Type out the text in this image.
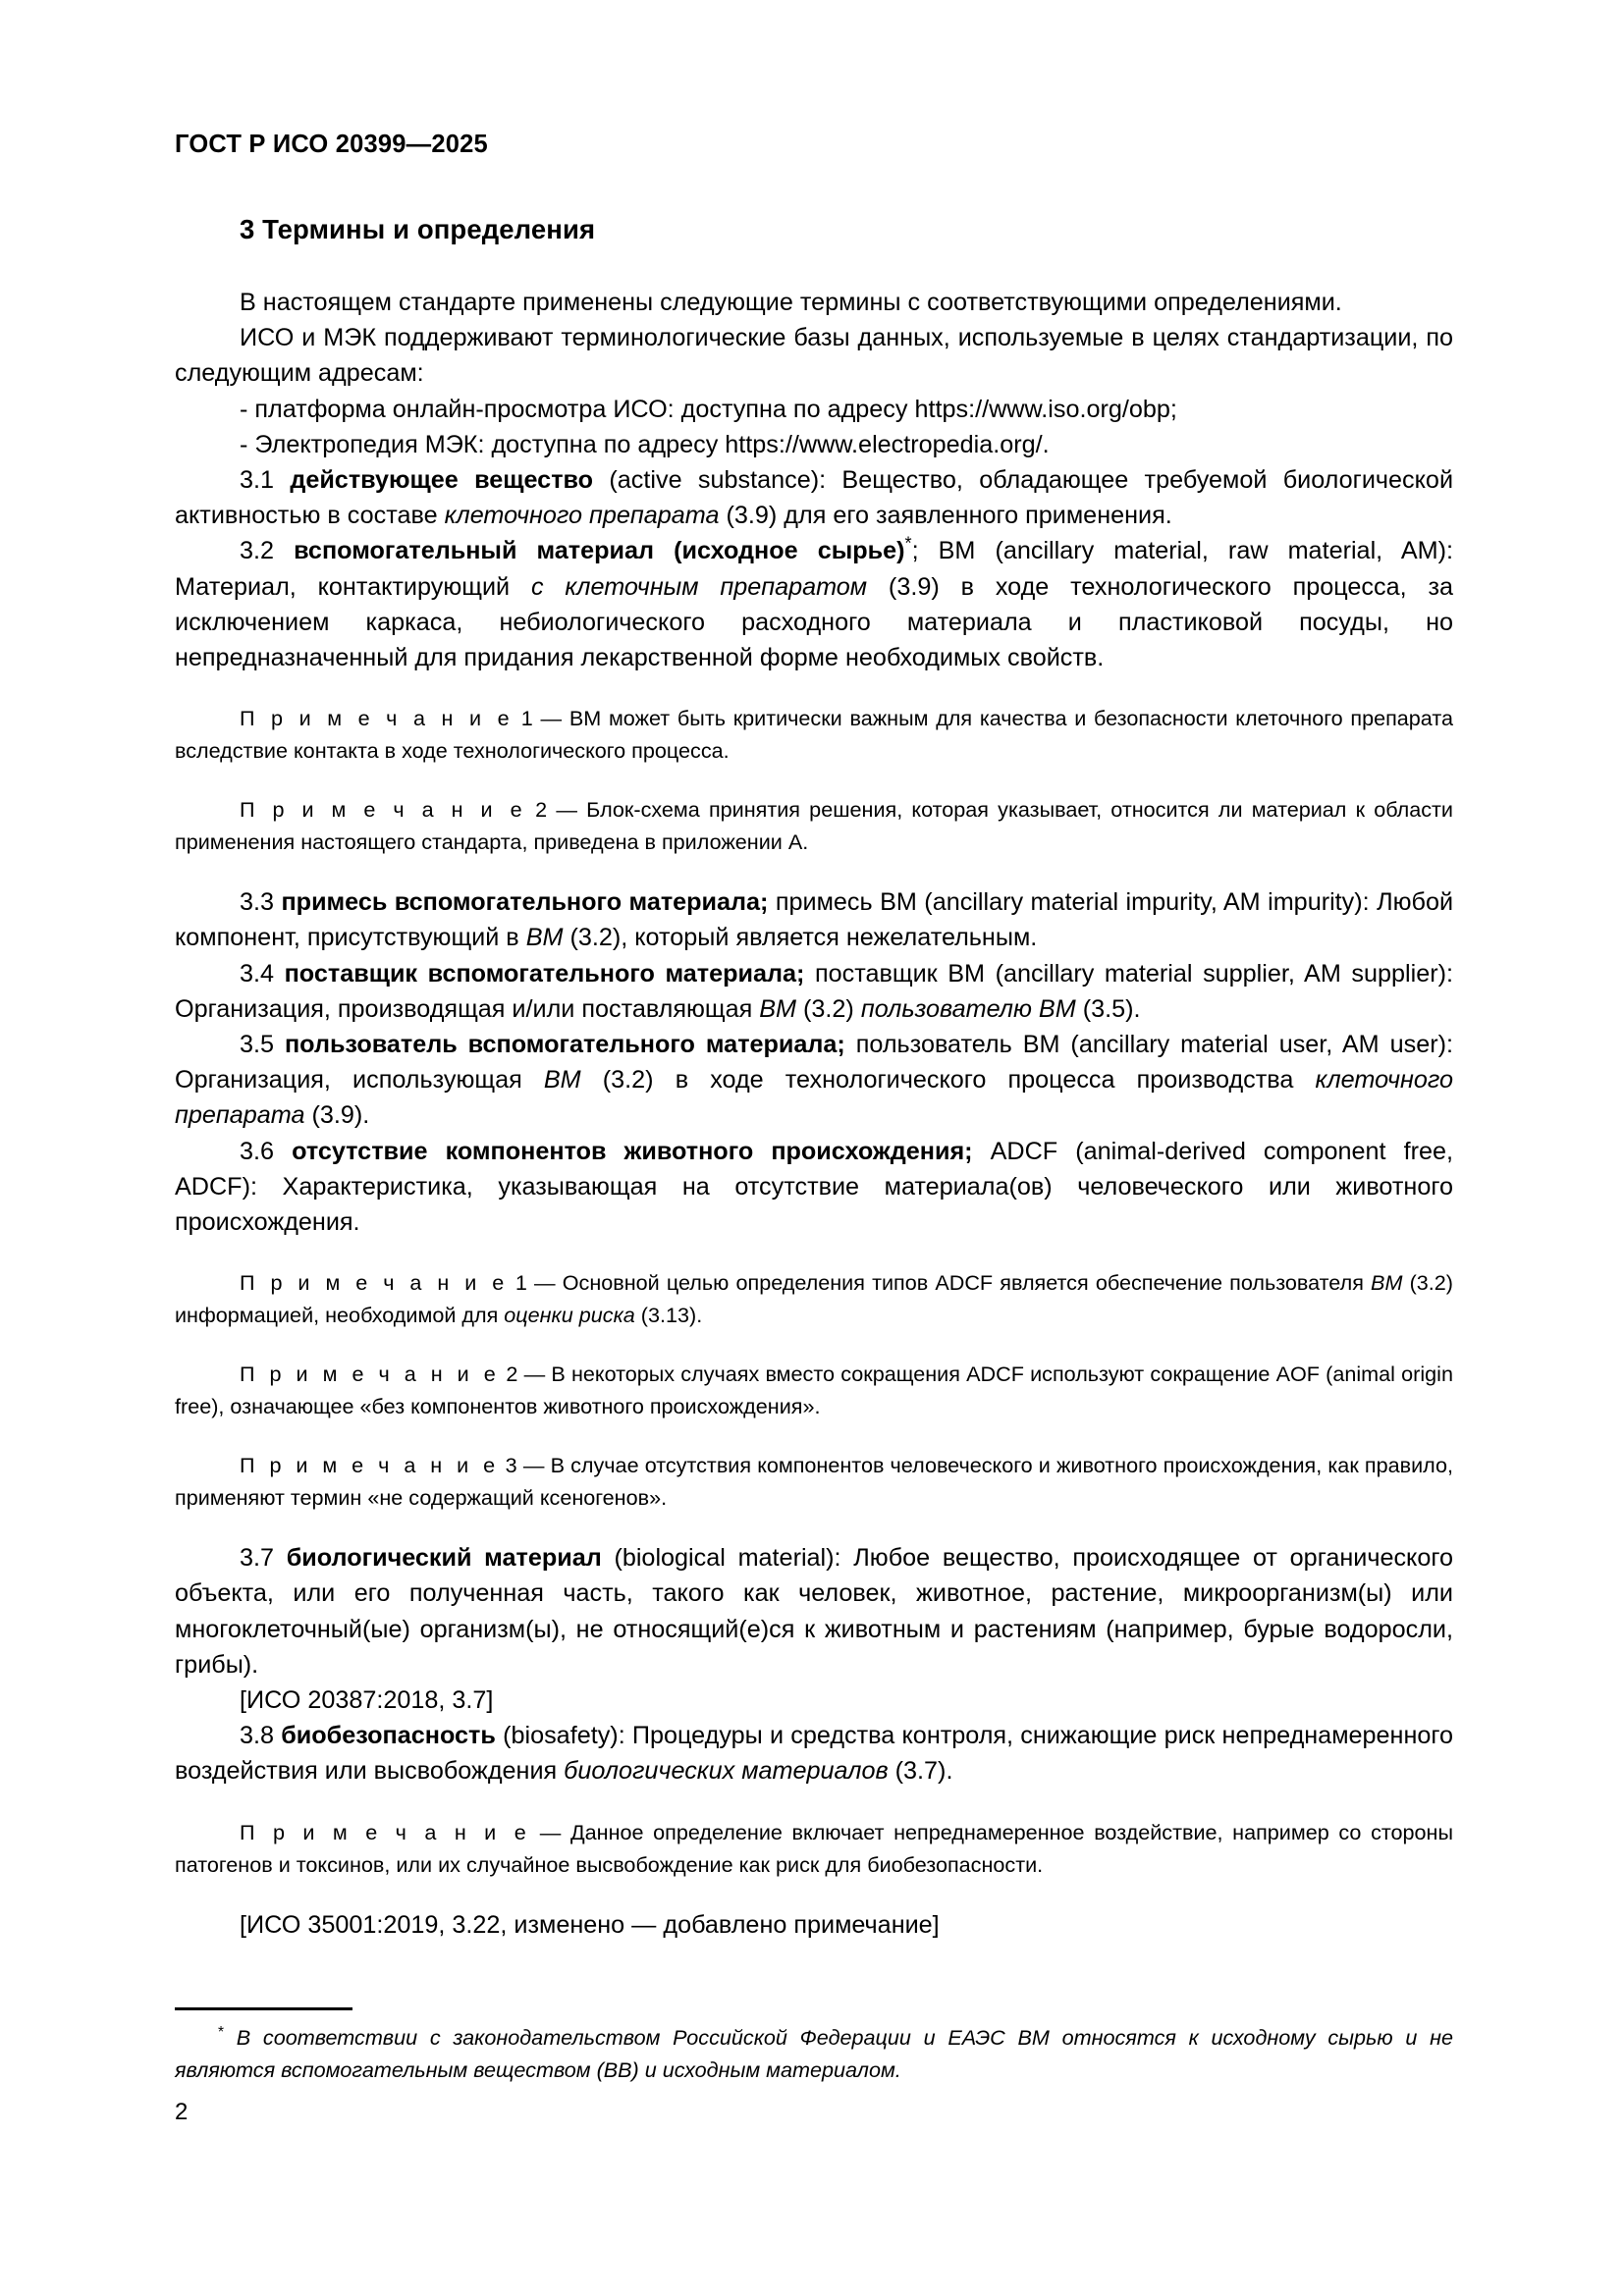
ГОСТ Р ИСО 20399—2025
3 Термины и определения

В настоящем стандарте применены следующие термины с соответствующими определениями.

ИСО и МЭК поддерживают терминологические базы данных, используемые в целях стандартизации, по следующим адресам:

- платформа онлайн-просмотра ИСО: доступна по адресу https://www.iso.org/obp;

- Электропедия МЭК: доступна по адресу https://www.electropedia.org/.

3.1 действующее вещество (active substance): Вещество, обладающее требуемой биологической активностью в составе клеточного препарата (3.9) для его заявленного применения.

3.2 вспомогательный материал (исходное сырье)*; ВМ (ancillary material, raw material, AM): Материал, контактирующий с клеточным препаратом (3.9) в ходе технологического процесса, за исключением каркаса, небиологического расходного материала и пластиковой посуды, но непредназначенный для придания лекарственной форме необходимых свойств.

П р и м е ч а н и е 1 — ВМ может быть критически важным для качества и безопасности клеточного препарата вследствие контакта в ходе технологического процесса.

П р и м е ч а н и е 2 — Блок-схема принятия решения, которая указывает, относится ли материал к области применения настоящего стандарта, приведена в приложении А.

3.3 примесь вспомогательного материала; примесь ВМ (ancillary material impurity, AM impurity): Любой компонент, присутствующий в ВМ (3.2), который является нежелательным.

3.4 поставщик вспомогательного материала; поставщик ВМ (ancillary material supplier, AM supplier): Организация, производящая и/или поставляющая ВМ (3.2) пользователю ВМ (3.5).

3.5 пользователь вспомогательного материала; пользователь ВМ (ancillary material user, AM user): Организация, использующая ВМ (3.2) в ходе технологического процесса производства клеточного препарата (3.9).

3.6 отсутствие компонентов животного происхождения; ADCF (animal-derived component free, ADCF): Характеристика, указывающая на отсутствие материала(ов) человеческого или животного происхождения.

П р и м е ч а н и е 1 — Основной целью определения типов ADCF является обеспечение пользователя ВМ (3.2) информацией, необходимой для оценки риска (3.13).

П р и м е ч а н и е 2 — В некоторых случаях вместо сокращения ADCF используют сокращение AOF (animal origin free), означающее «без компонентов животного происхождения».

П р и м е ч а н и е 3 — В случае отсутствия компонентов человеческого и животного происхождения, как правило, применяют термин «не содержащий ксеногенов».

3.7 биологический материал (biological material): Любое вещество, происходящее от органического объекта, или его полученная часть, такого как человек, животное, растение, микроорганизм(ы) или многоклеточный(ые) организм(ы), не относящий(е)ся к животным и растениям (например, бурые водоросли, грибы).

[ИСО 20387:2018, 3.7]

3.8 биобезопасность (biosafety): Процедуры и средства контроля, снижающие риск непреднамеренного воздействия или высвобождения биологических материалов (3.7).

П р и м е ч а н и е — Данное определение включает непреднамеренное воздействие, например со стороны патогенов и токсинов, или их случайное высвобождение как риск для биобезопасности.

[ИСО 35001:2019, 3.22, изменено — добавлено примечание]

* В соответствии с законодательством Российской Федерации и ЕАЭС ВМ относятся к исходному сырью и не являются вспомогательным веществом (ВВ) и исходным материалом.

2
